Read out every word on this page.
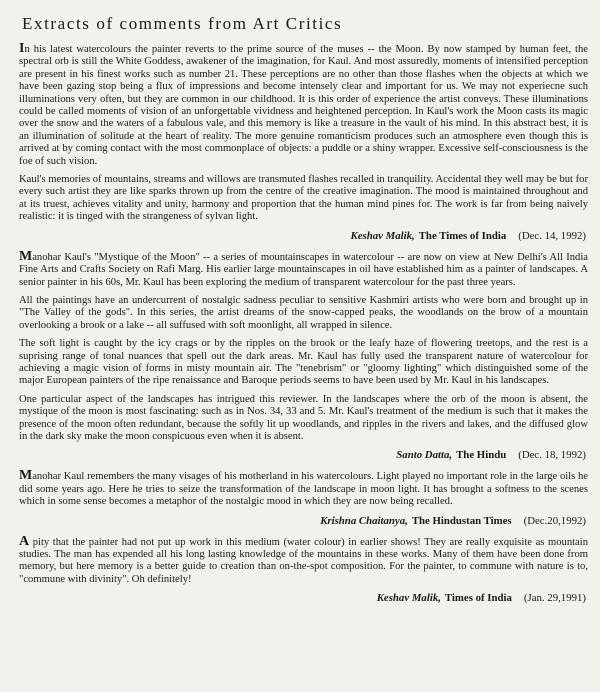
Extracts of comments from Art Critics

In his latest watercolours the painter reverts to the prime source of the muses -- the Moon. By now stamped by human feet, the spectral orb is still the White Goddess, awakener of the imagination, for Kaul. And most assuredly, moments of intensified perception are present in his finest works such as number 21. These perceptions are no other than those flashes when the objects at which we have been gazing stop being a flux of impressions and become intensely clear and important for us. We may not experiecne such illuminations very often, but they are common in our childhood. It is this order of experience the artist conveys. These illuminations could be called moments of vision of an unforgettable vividness and heightened perception. In Kaul's work the Moon casts its magic over the snow and the waters of a fabulous vale, and this memory is like a treasure in the vault of his mind. In this abstract best, it is an illumination of solitude at the heart of reality. The more genuine romanticism produces such an atmosphere even though this is arrived at by coming contact with the most commonplace of objects: a puddle or a shiny wrapper. Excessive self-consciousness is the foe of such vision.

Kaul's memories of mountains, streams and willows are transmuted flashes recalled in tranquility. Accidental they well may be but for every such artist they are like sparks thrown up from the centre of the creative imagination. The mood is maintained throughout and at its truest, achieves vitality and unity, harmony and proportion that the human mind pines for. The work is far from being naively realistic: it is tinged with the strangeness of sylvan light.

Keshav Malik, The Times of India (Dec. 14, 1992)

Manohar Kaul's "Mystique of the Moon" -- a series of mountainscapes in watercolour -- are now on view at New Delhi's All India Fine Arts and Crafts Society on Rafi Marg. His earlier large mountainscapes in oil have established him as a painter of landscapes. A senior painter in his 60s, Mr. Kaul has been exploring the medium of transparent watercolour for the past three years.

All the paintings have an undercurrent of nostalgic sadness peculiar to sensitive Kashmiri artists who were born and brought up in "The Valley of the gods". In this series, the artist dreams of the snow-capped peaks, the woodlands on the brow of a mountain overlooking a brook or a lake -- all suffused with soft moonlight, all wrapped in silence.

The soft light is caught by the icy crags or by the ripples on the brook or the leafy haze of flowering treetops, and the rest is a suprising range of tonal nuances that spell out the dark areas. Mr. Kaul has fully used the transparent nature of watercolour for achieving a magic vision of forms in misty mountain air. The "tenebrism" or "gloomy lighting" which distinguished some of the major European painters of the ripe renaissance and Baroque periods seems to have been used by Mr. Kaul in his landscapes.

One particular aspect of the landscapes has intrigued this reviewer. In the landscapes where the orb of the moon is absent, the mystique of the moon is most fascinating: such as in Nos. 34, 33 and 5. Mr. Kaul's treatment of the medium is such that it makes the presence of the moon often redundant, because the softly lit up woodlands, and ripples in the rivers and lakes, and the diffused glow in the dark sky make the moon conspicuous even when it is absent.

Santo Datta, The Hindu (Dec. 18, 1992)

Manohar Kaul remembers the many visages of his motherland in his watercolours. Light played no important role in the large oils he did some years ago. Here he tries to seize the transformation of the landscape in moon light. It has brought a softness to the scenes which in some sense becomes a metaphor of the nostalgic mood in which they are now being recalled.

Krishna Chaitanya, The Hindustan Times (Dec.20,1992)

A pity that the painter had not put up work in this medium (water colour) in earlier shows! They are really exquisite as mountain studies. The man has expended all his long lasting knowledge of the mountains in these works. Many of them have been done from memory, but here memory is a better guide to creation than on-the-spot composition. For the painter, to commune with nature is to, "commune with divinity". Oh definitely!

Keshav Malik, Times of India (Jan. 29,1991)
